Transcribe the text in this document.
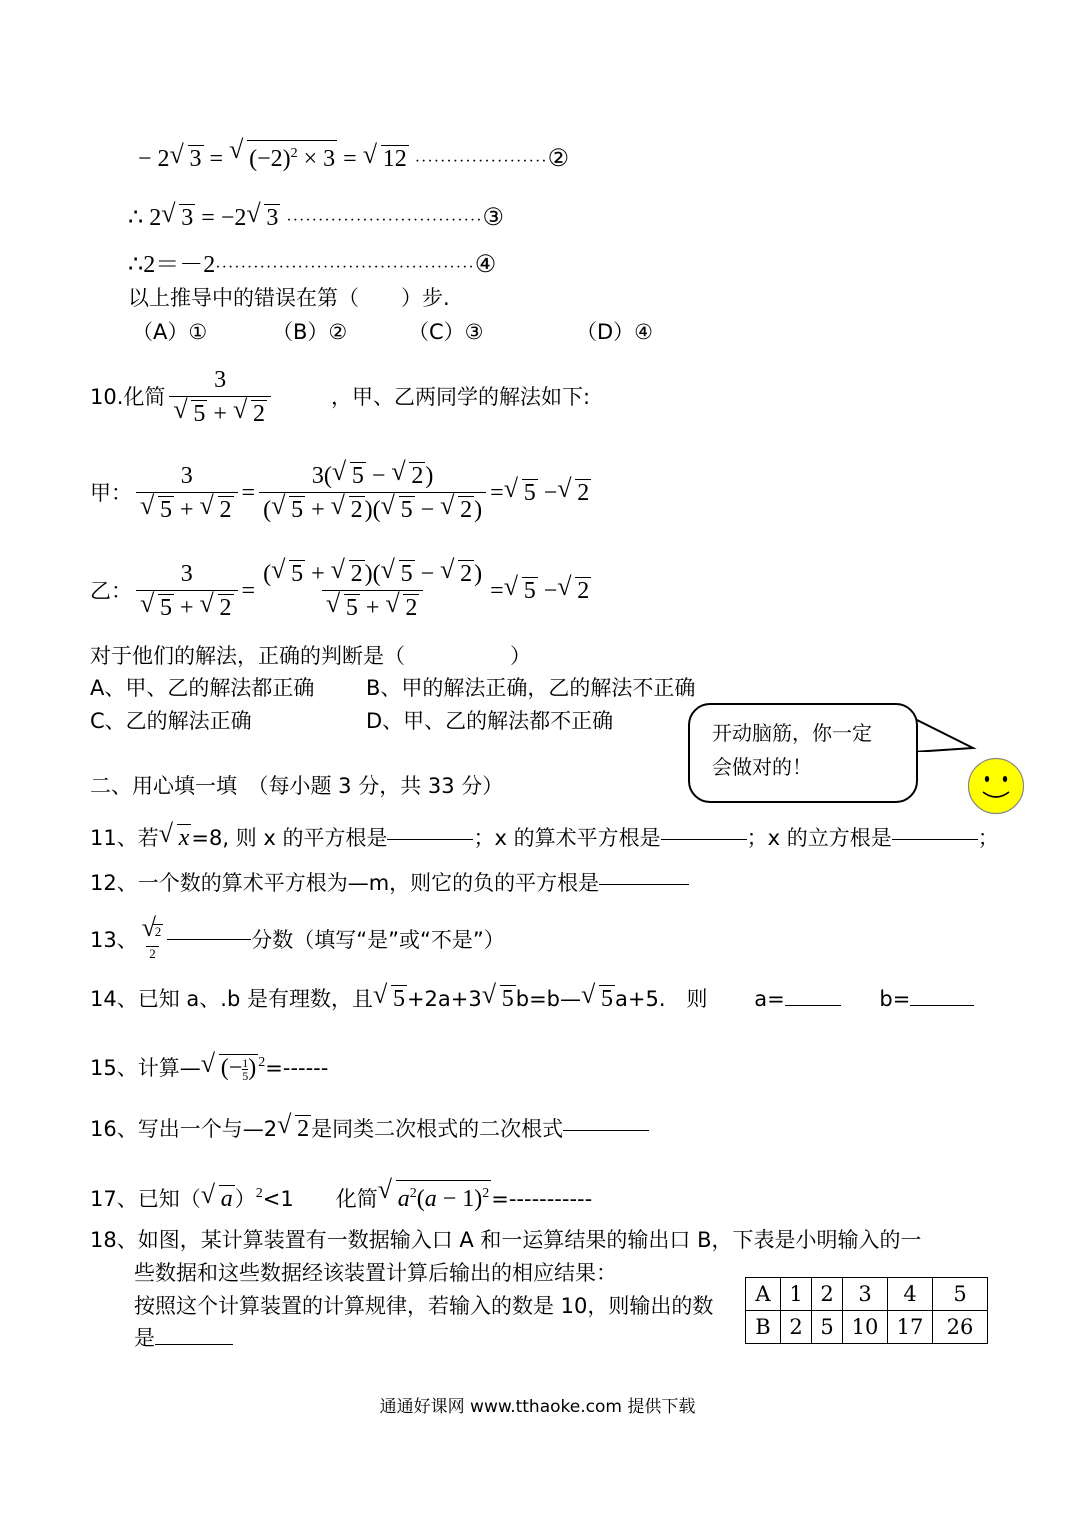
− 2 √ 3 = √ $(-2)^2 \times 3$ = √ 12 ·····················②
∴ 2 √ 3 = −2 √ 3 ·······························③
∴2＝－2·········································④
以上推导中的错误在第（　　）步.
（A）①	（B）②	（C）③	（D）④
10.化简 3
√ 5 + √ 2	，甲、乙两同学的解法如下:
甲： 3
√ 5 + √ $2 = \frac{3( √ 5 - √ 2)}{( √ 5 + √ 2)( √ 5 - √ 2)}$ = √ 5 − √ 2
乙： 3
√ 5 + √ 2 = ( √ 5 + √ 2)( √ 5 − √ 2)
√ 5 + √ 2 = √ 5 − √ 2
对于他们的解法，正确的判断是（　　　　　）
A、甲、乙的解法都正确 B、甲的解法正确，乙的解法不正确
C、乙的解法正确	D、甲、乙的解法都不正确	开动脑筋，你一定
会做对的！
二、用心填一填　（每小题 3 分，共 33 分）
11、若 √ x=8, 则 x 的平方根是	；x 的算术平方根是	；x 的立方根是	；
12、一个数的算术平方根为—m，则它的负的平方根是
13、	√ 2
2
分数（填写“是”或“不是”）
14、已知 a、.b 是有理数，且 √ 5+2a+3 √ 5b=b— √ 5a+5.　则 a=	b=
15、计算— √ (− $\frac{1}{5}$ ) $^2$=------
16、写出一个与—2 √ 2是同类二次根式的二次根式
17、已知（ √ a）$^2$<1　　化简 √ $a^2(a - 1)^2=-----------$
18、如图，某计算装置有一数据输入口 A 和一运算结果的输出口 B，下表是小明输入的一
些数据和这些数据经该装置计算后输出的相应结果：
按照这个计算装置的计算规律，若输入的数是 10，则输出的数
是
A	1	2	3	4	5
B	2	5	10	17	26
通通好课网 www.tthaoke.com 提供下载
